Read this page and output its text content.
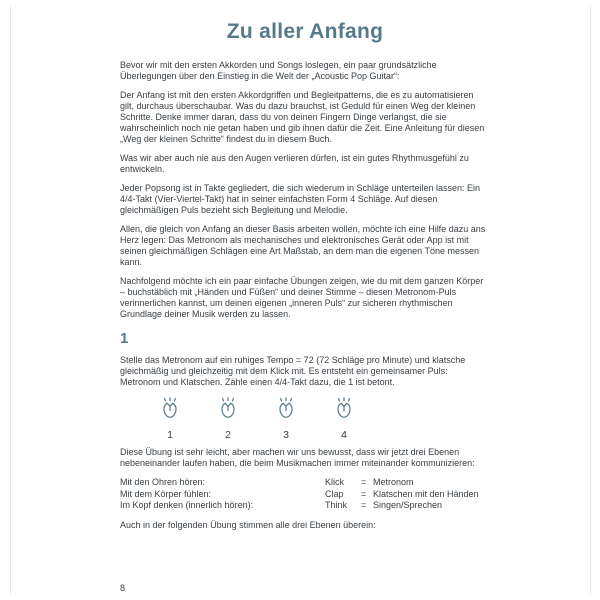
Zu aller Anfang

Bevor wir mit den ersten Akkorden und Songs loslegen, ein paar grundsätzliche Überlegungen über den Einstieg in die Welt der „Acoustic Pop Guitar“:

Der Anfang ist mit den ersten Akkordgriffen und Begleitpatterns, die es zu automatisieren gilt, durchaus überschaubar. Was du dazu brauchst, ist Geduld für einen Weg der kleinen Schritte. Denke immer daran, dass du von deinen Fingern Dinge verlangst, die sie wahrscheinlich noch nie getan haben und gib ihnen dafür die Zeit. Eine Anleitung für diesen „Weg der kleinen Schritte“ findest du in diesem Buch.

Was wir aber auch nie aus den Augen verlieren dürfen, ist ein gutes Rhythmusgefühl zu entwickeln.

Jeder Popsong ist in Takte gegliedert, die sich wiederum in Schläge unterteilen lassen: Ein 4/4-Takt (Vier-Viertel-Takt) hat in seiner einfachsten Form 4 Schläge. Auf diesen gleichmäßigen Puls bezieht sich Begleitung und Melodie.

Allen, die gleich von Anfang an dieser Basis arbeiten wollen, möchte ich eine Hilfe dazu ans Herz legen: Das Metronom als mechanisches und elektronisches Gerät oder App ist mit seinen gleichmäßigen Schlägen eine Art Maßstab, an dem man die eigenen Töne messen kann.

Nachfolgend möchte ich ein paar einfache Übungen zeigen, wie du mit dem ganzen Körper – buchstäblich mit „Händen und Füßen“ und deiner Stimme – diesen Metronom-Puls verinnerlichen kannst, um deinen eigenen „inneren Puls“ zur sicheren rhythmischen Grundlage deiner Musik werden zu lassen.

1

Stelle das Metronom auf ein ruhiges Tempo = 72 (72 Schläge pro Minute) und klatsche gleichmäßig und gleichzeitig mit dem Klick mit. Es entsteht ein gemeinsamer Puls: Metronom und Klatschen. Zähle einen 4/4-Takt dazu, die 1 ist betont.

1	2	3	4

Diese Übung ist sehr leicht, aber machen wir uns bewusst, dass wir jetzt drei Ebenen nebeneinander laufen haben, die beim Musikmachen immer miteinander kommunizieren:

Mit den Ohren hören:	Klick	= Metronom
Mit dem Körper fühlen:	Clap	= Klatschen mit den Händen
Im Kopf denken (innerlich hören):	Think	= Singen/Sprechen

Auch in der folgenden Übung stimmen alle drei Ebenen überein:

8
